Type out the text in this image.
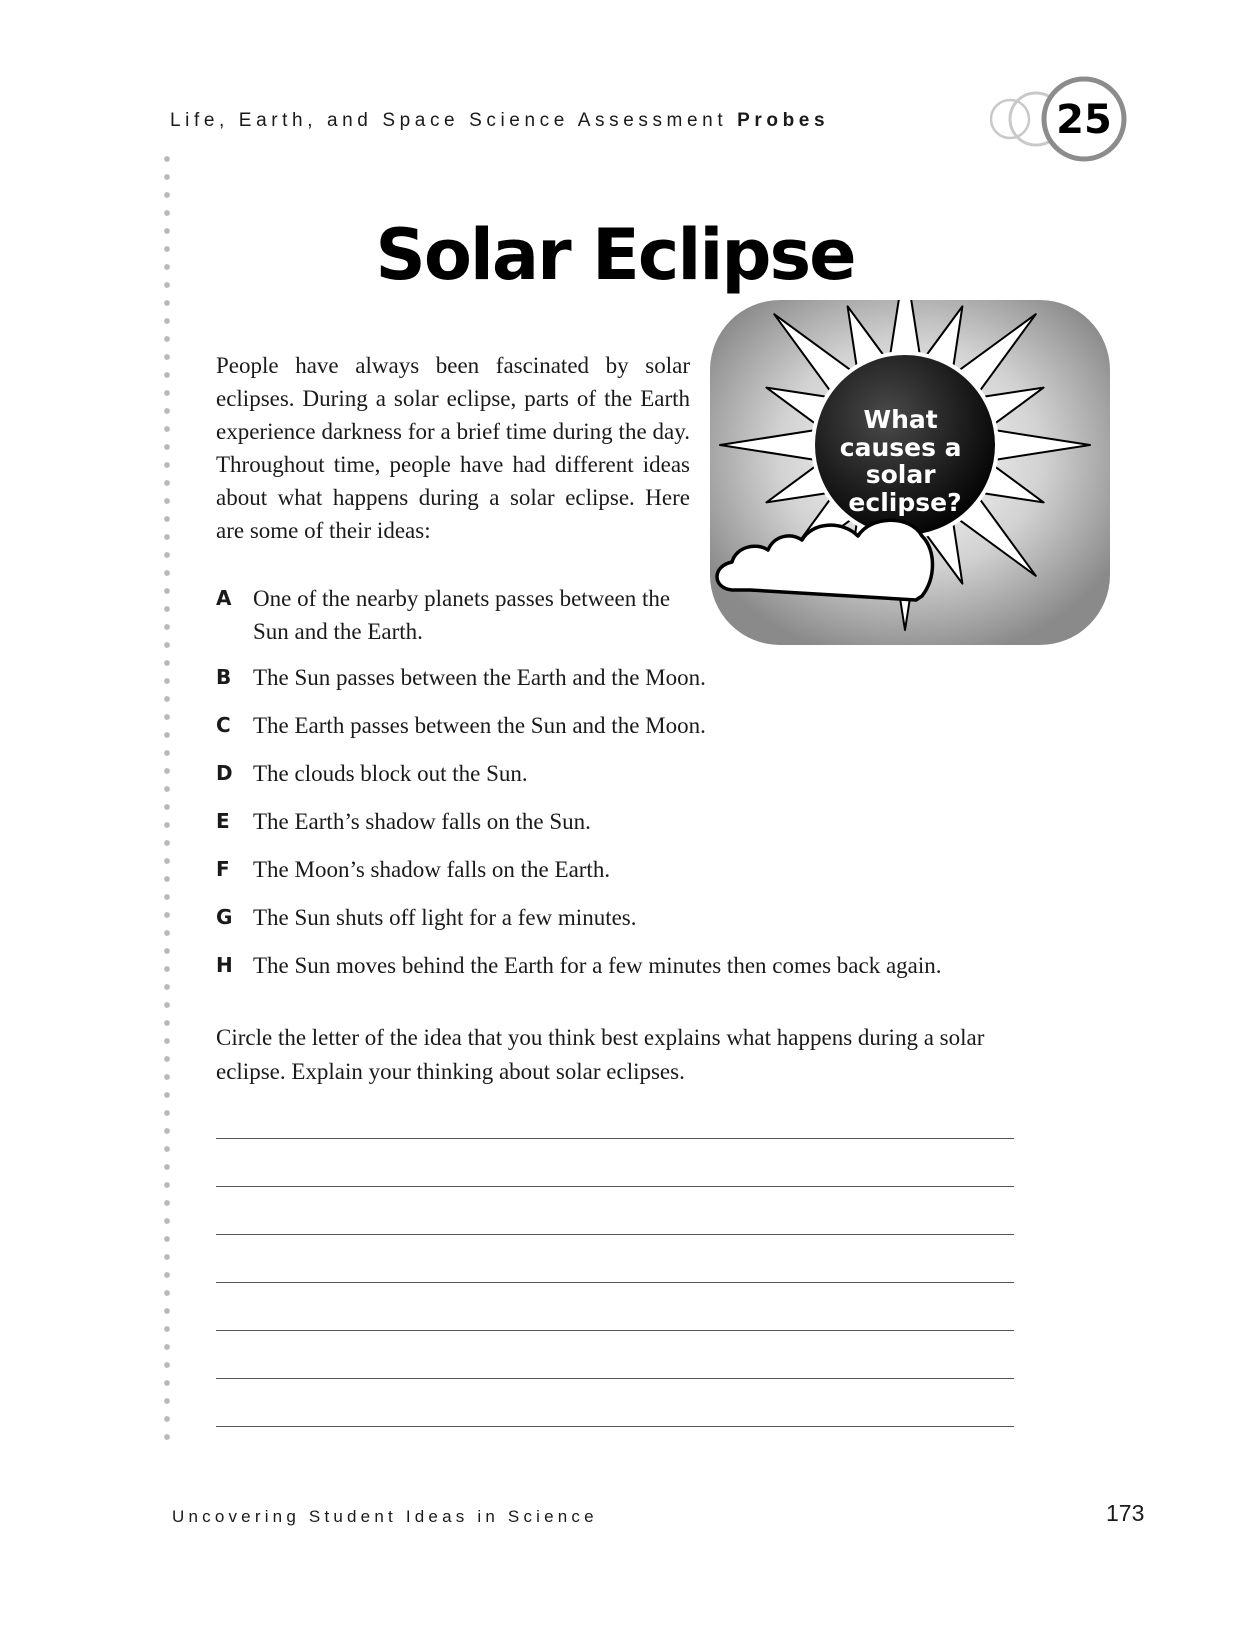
Life, Earth, and Space Science Assessment Probes	25
Solar Eclipse
People have always been fascinated by solar eclipses. During a solar eclipse, parts of the Earth experience darkness for a brief time during the day. Throughout time, people have had different ideas about what happens during a solar eclipse. Here are some of their ideas:
What causes a solar eclipse?
A One of the nearby planets passes between the
Sun and the Earth.
B The Sun passes between the Earth and the Moon.
C The Earth passes between the Sun and the Moon.
D The clouds block out the Sun.
E	The Earth’s shadow falls on the Sun.
F	The Moon’s shadow falls on the Earth.
G The Sun shuts off light for a few minutes.
H The Sun moves behind the Earth for a few minutes then comes back again.
Circle the letter of the idea that you think best explains what happens during a solar eclipse. Explain your thinking about solar eclipses.
Uncovering Student Ideas in Science	173
